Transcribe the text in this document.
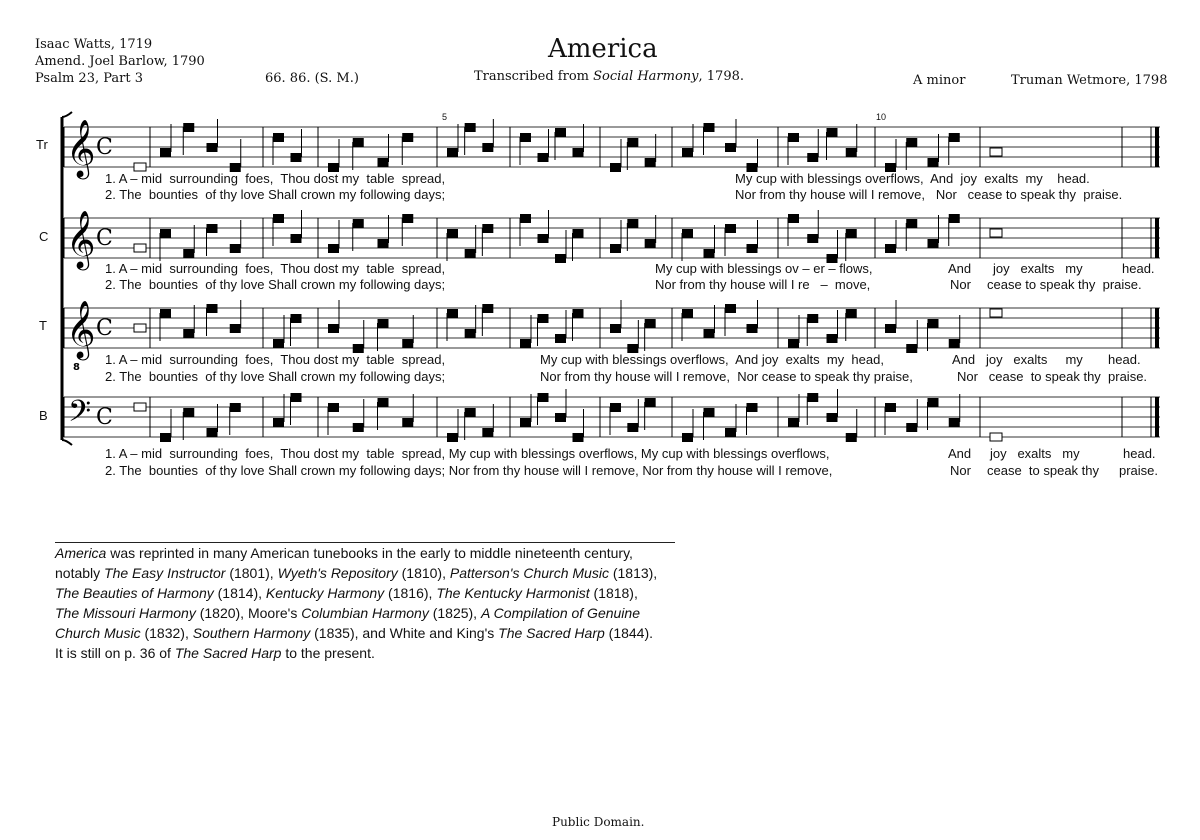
Isaac Watts, 1719
Amend. Joel Barlow, 1790
Psalm 23, Part 3	66. 86. (S. M.)
America
Transcribed from Social Harmony, 1798.	A minor	Truman Wetmore, 1798
𝄞 C
𝄞 C
𝄞
8
C
𝄢 C
Tr
C
T
B
5	10
1. A – mid  surrounding  foes,  Thou dost my  table  spread,	My cup with blessings overflows,  And  joy  exalts  my    head.
2. The  bounties  of thy love Shall crown my following days;	Nor from thy house will I remove,   Nor   cease to speak thy  praise.
1. A – mid  surrounding  foes,  Thou dost my  table  spread,	My cup with blessings ov – er – flows,	And joy   exalts   my	head.
2. The  bounties  of thy love Shall crown my following days;	Nor from thy house will I re   –  move,	Nor cease to speak thy  praise.
1. A – mid  surrounding  foes,  Thou dost my  table  spread,	My cup with blessings overflows,  And joy  exalts  my  head,	And   joy   exalts     my       head.
2. The  bounties  of thy love Shall crown my following days;	Nor from thy house will I remove,  Nor cease to speak thy praise,	Nor   cease  to speak thy  praise.
1. A – mid  surrounding  foes,  Thou dost my  table  spread, My cup with blessings overflows, My cup with blessings overflows,	And joy   exalts   my	head.
2. The  bounties  of thy love Shall crown my following days; Nor from thy house will I remove, Nor from thy house will I remove,	Nor cease  to speak thy praise.
America was reprinted in many American tunebooks in the early to middle nineteenth century,
notably The Easy Instructor (1801), Wyeth's Repository (1810), Patterson's Church Music (1813),
The Beauties of Harmony (1814), Kentucky Harmony (1816), The Kentucky Harmonist (1818),
The Missouri Harmony (1820), Moore's Columbian Harmony (1825), A Compilation of Genuine
Church Music (1832), Southern Harmony (1835), and White and King's The Sacred Harp (1844).
It is still on p. 36 of The Sacred Harp to the present.
Public Domain.
